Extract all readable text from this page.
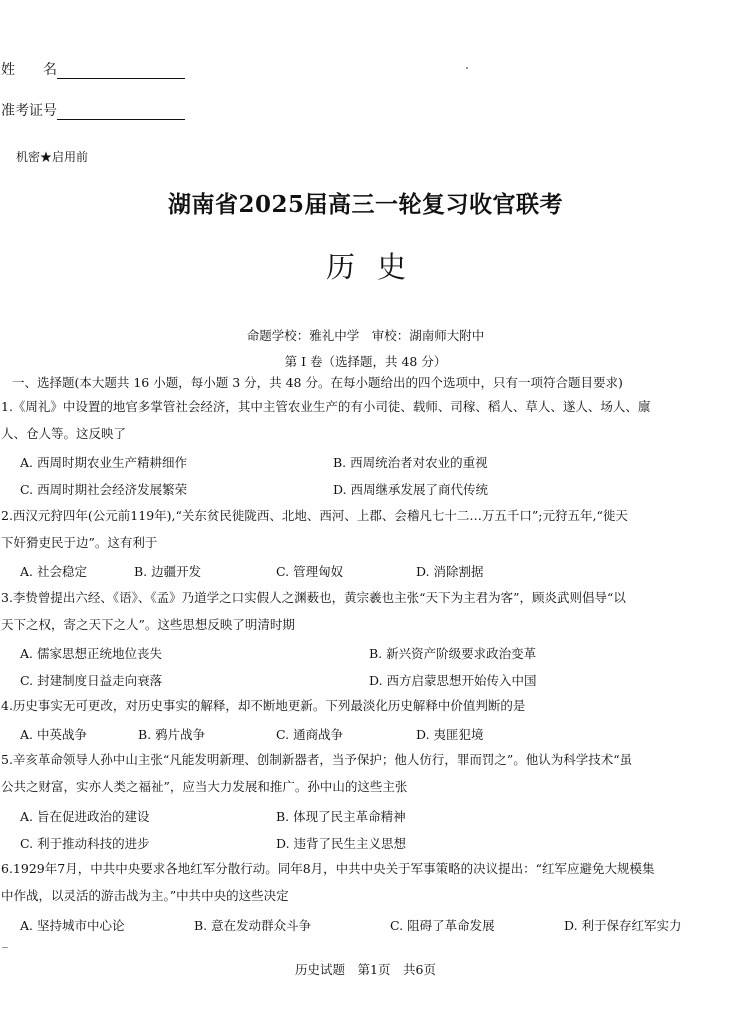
姓　　名
准考证号
机密★启用前
湖南省2025届高三一轮复习收官联考
历史
命题学校：雅礼中学　审校：湖南师大附中
第 I 卷（选择题，共 48 分）
一、选择题(本大题共 16 小题，每小题 3 分，共 48 分。在每小题给出的四个选项中，只有一项符合题目要求)
1.《周礼》中设置的地官多掌管社会经济，其中主管农业生产的有小司徒、载师、司稼、稻人、草人、遂人、场人、廪
人、仓人等。这反映了
A. 西周时期农业生产精耕细作	B. 西周统治者对农业的重视
C. 西周时期社会经济发展繁荣	D. 西周继承发展了商代传统
2.西汉元狩四年(公元前119年),“关东贫民徙陇西、北地、西河、上郡、会稽凡七十二…万五千口”;元狩五年,“徙天
下奸猾吏民于边”。这有利于
A. 社会稳定	B. 边疆开发	C. 管理匈奴	D. 消除割据
3.李贽曾提出六经、《语》、《孟》乃道学之口实假人之渊薮也，黄宗羲也主张“天下为主君为客”，顾炎武则倡导“以
天下之权，寄之天下之人”。这些思想反映了明清时期
A. 儒家思想正统地位丧失	B. 新兴资产阶级要求政治变革
C. 封建制度日益走向衰落	D. 西方启蒙思想开始传入中国
4.历史事实无可更改，对历史事实的解释，却不断地更新。下列最淡化历史解释中价值判断的是
A. 中英战争	B. 鸦片战争	C. 通商战争	D. 夷匪犯境
5.辛亥革命领导人孙中山主张“凡能发明新理、创制新器者，当予保护；他人仿行，罪而罚之”。他认为科学技术“虽
公共之财富，实亦人类之福祉”，应当大力发展和推广。孙中山的这些主张
A. 旨在促进政治的建设	B. 体现了民主革命精神
C. 利于推动科技的进步	D. 违背了民生主义思想
6.1929年7月，中共中央要求各地红军分散行动。同年8月，中共中央关于军事策略的决议提出：“红军应避免大规模集
中作战，以灵活的游击战为主。”中共中央的这些决定
A. 坚持城市中心论	B. 意在发动群众斗争	C. 阻碍了革命发展	D. 利于保存红军实力
历史试题　第1页　共6页
